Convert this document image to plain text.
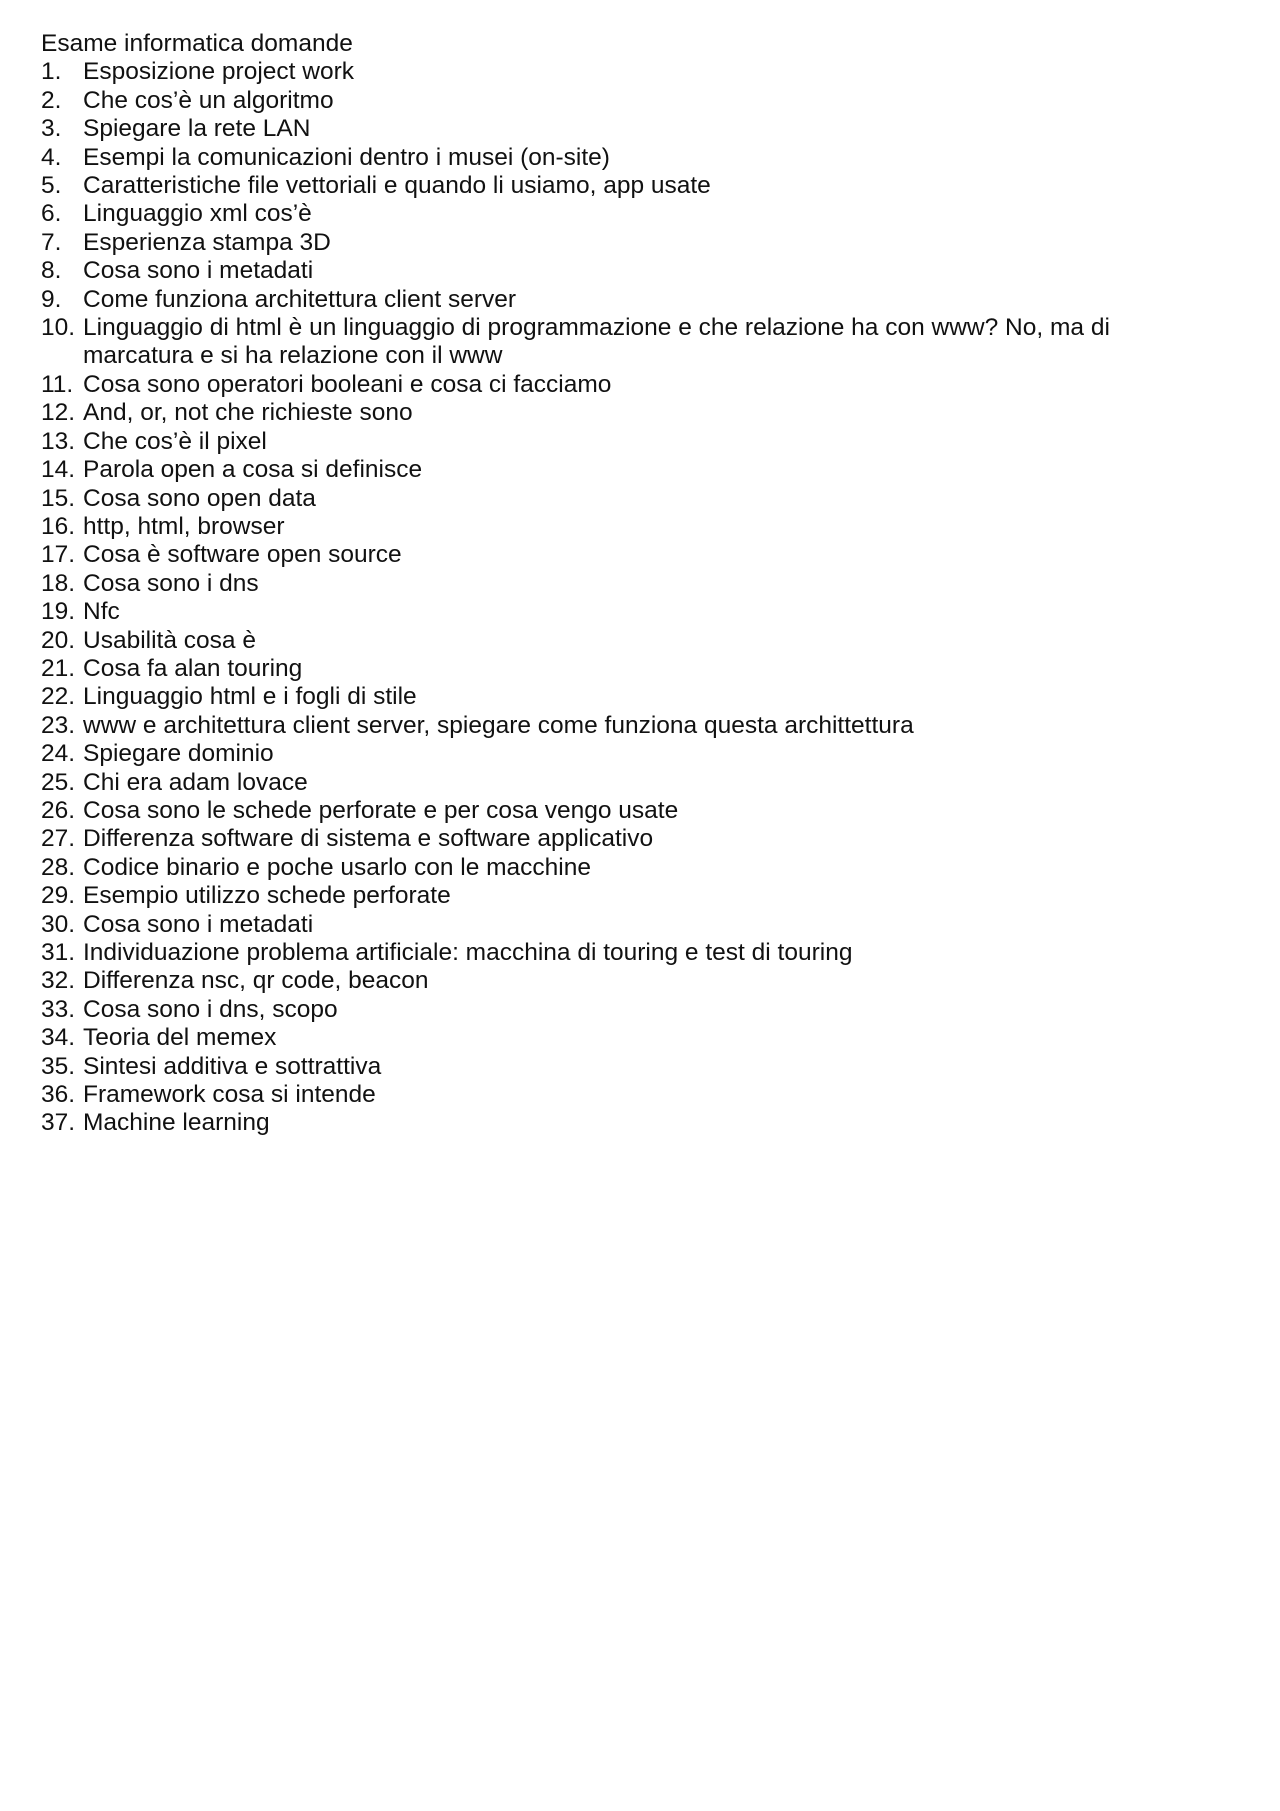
Esame informatica domande
1. Esposizione project work
2. Che cos’è un algoritmo
3. Spiegare la rete LAN
4. Esempi la comunicazioni dentro i musei (on-site)
5. Caratteristiche file vettoriali e quando li usiamo, app usate
6. Linguaggio xml cos’è
7. Esperienza stampa 3D
8. Cosa sono i metadati
9. Come funziona architettura client server
10. Linguaggio di html è un linguaggio di programmazione e che relazione ha con www? No, ma di marcatura e si ha relazione con il www
11. Cosa sono operatori booleani e cosa ci facciamo
12. And, or, not che richieste sono
13. Che cos’è il pixel
14. Parola open a cosa si definisce
15. Cosa sono open data
16. http, html, browser
17. Cosa è software open source
18. Cosa sono i dns
19. Nfc
20. Usabilità cosa è
21. Cosa fa alan touring
22. Linguaggio html e i fogli di stile
23. www e architettura client server, spiegare come funziona questa archittettura
24. Spiegare dominio
25. Chi era adam lovace
26. Cosa sono le schede perforate e per cosa vengo usate
27. Differenza software di sistema e software applicativo
28. Codice binario e poche usarlo con le macchine
29. Esempio utilizzo schede perforate
30. Cosa sono i metadati
31. Individuazione problema artificiale: macchina di touring e test di touring
32. Differenza nsc, qr code, beacon
33. Cosa sono i dns, scopo
34. Teoria del memex
35. Sintesi additiva e sottrattiva
36. Framework cosa si intende
37. Machine learning
